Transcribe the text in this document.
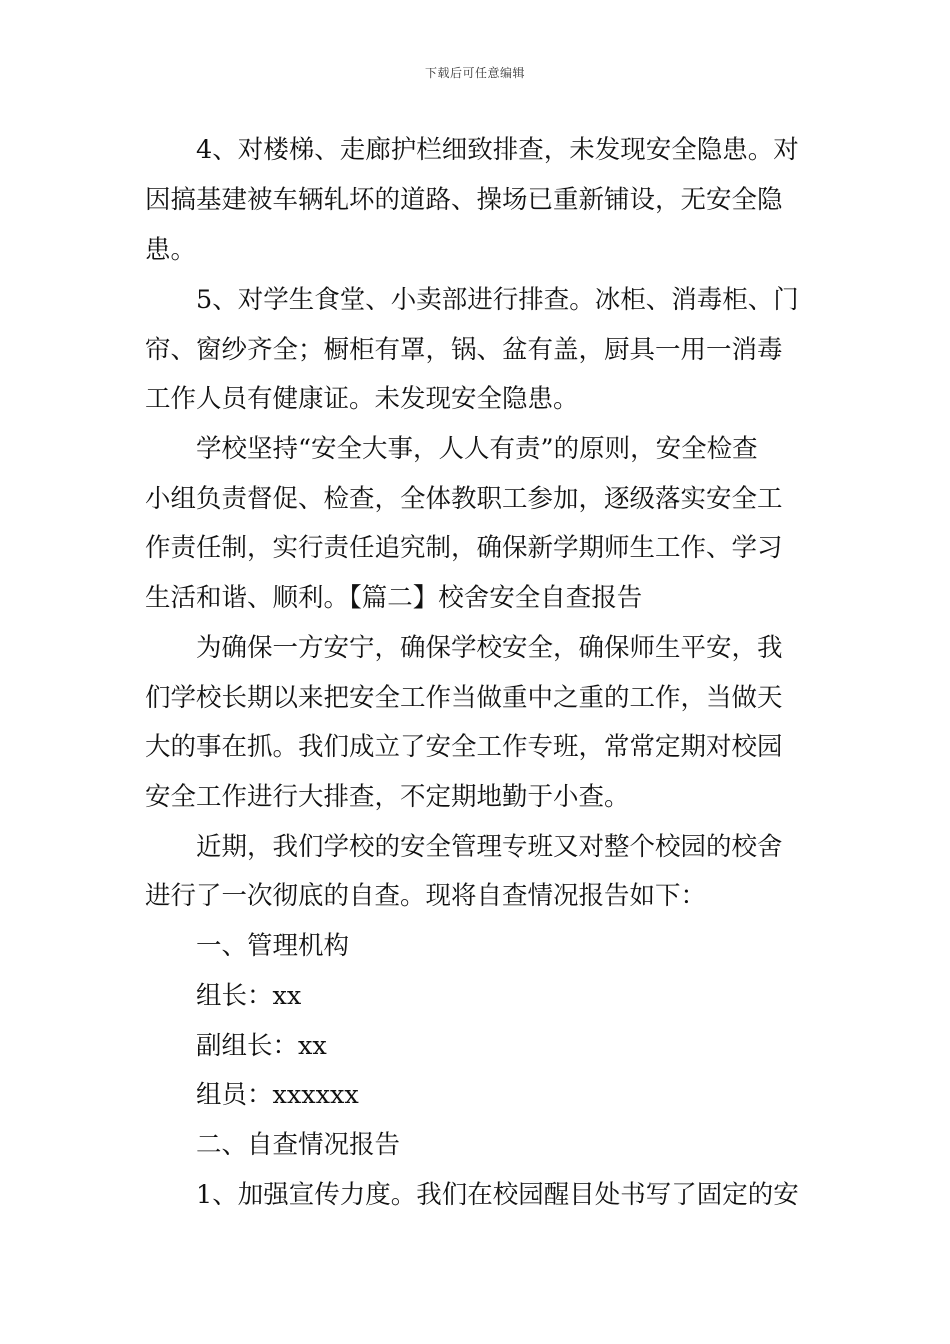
下载后可任意编辑

4、对楼梯、走廊护栏细致排查，未发现安全隐患。对

因搞基建被车辆轧坏的道路、操场已重新铺设，无安全隐

患。

5、对学生食堂、小卖部进行排查。冰柜、消毒柜、门

帘、窗纱齐全；橱柜有罩，锅、盆有盖，厨具一用一消毒

工作人员有健康证。未发现安全隐患。

学校坚持“安全大事，人人有责”的原则，安全检查

小组负责督促、检查，全体教职工参加，逐级落实安全工

作责任制，实行责任追究制，确保新学期师生工作、学习

生活和谐、顺利。【篇二】校舍安全自查报告

为确保一方安宁，确保学校安全，确保师生平安，我

们学校长期以来把安全工作当做重中之重的工作，当做天

大的事在抓。我们成立了安全工作专班，常常定期对校园

安全工作进行大排查，不定期地勤于小查。

近期，我们学校的安全管理专班又对整个校园的校舍

进行了一次彻底的自查。现将自查情况报告如下：

一、管理机构

组长：xx

副组长：xx

组员：xxxxxx

二、自查情况报告

1、加强宣传力度。我们在校园醒目处书写了固定的安
